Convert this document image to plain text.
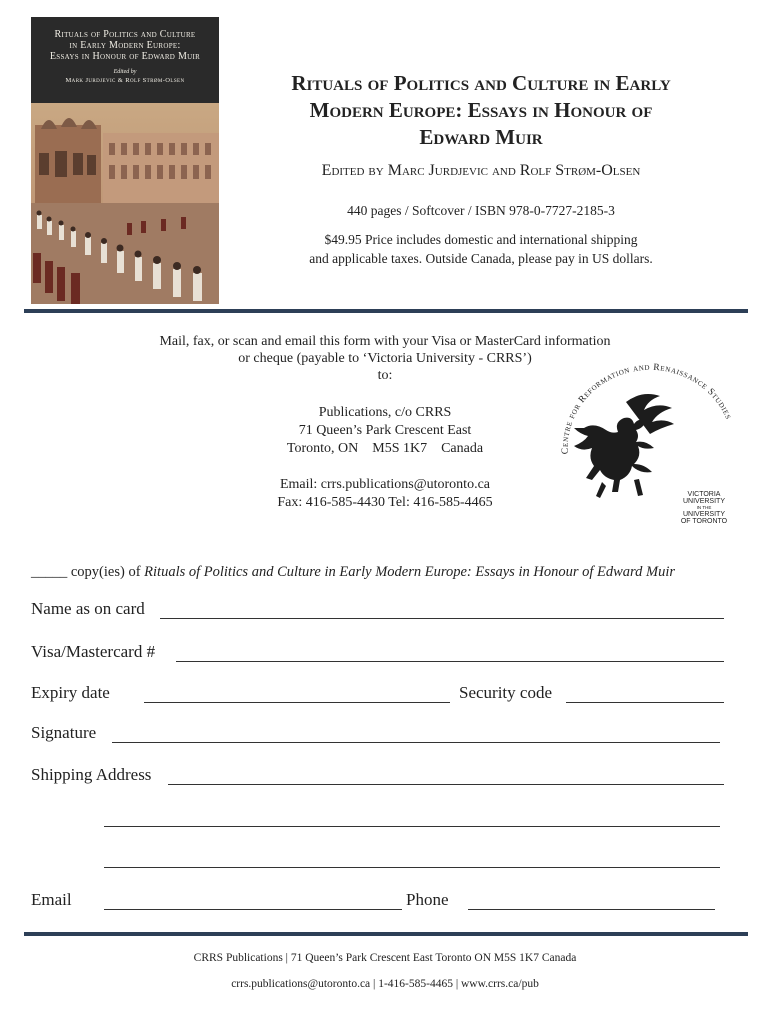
Rituals of Politics and Culture
in Early Modern Europe:
Essays in Honour of Edward Muir
Edited by
Mark Jurdjevic & Rolf Strøm-Olsen	Rituals of Politics and Culture in Early
Modern Europe: Essays in Honour of
Edward Muir
Edited by Marc Jurdjevic and Rolf Strøm-Olsen
440 pages / Softcover / ISBN 978-0-7727-2185-3
$49.95 Price includes domestic and international shipping
and applicable taxes. Outside Canada, please pay in US dollars.
Mail, fax, or scan and email this form with your Visa or MasterCard information
or cheque (payable to ‘Victoria University - CRRS’)
to:
Publications, c/o CRRS
71 Queen’s Park Crescent East
Toronto, ON    M5S 1K7    Canada
Email: crrs.publications@utoronto.ca
Fax: 416-585-4430 Tel: 416-585-4465
Centre for Reformation and Renaissance Studies
VICTORIA
UNIVERSITY
IN THE
UNIVERSITY
OF TORONTO
_____ copy(ies) of Rituals of Politics and Culture in Early Modern Europe: Essays in Honour of Edward Muir
Name as on card
Visa/Mastercard #
Expiry date	Security code
Signature
Shipping Address
Email	Phone
CRRS Publications | 71 Queen’s Park Crescent East Toronto ON M5S 1K7 Canada
crrs.publications@utoronto.ca | 1-416-585-4465 | www.crrs.ca/pub
